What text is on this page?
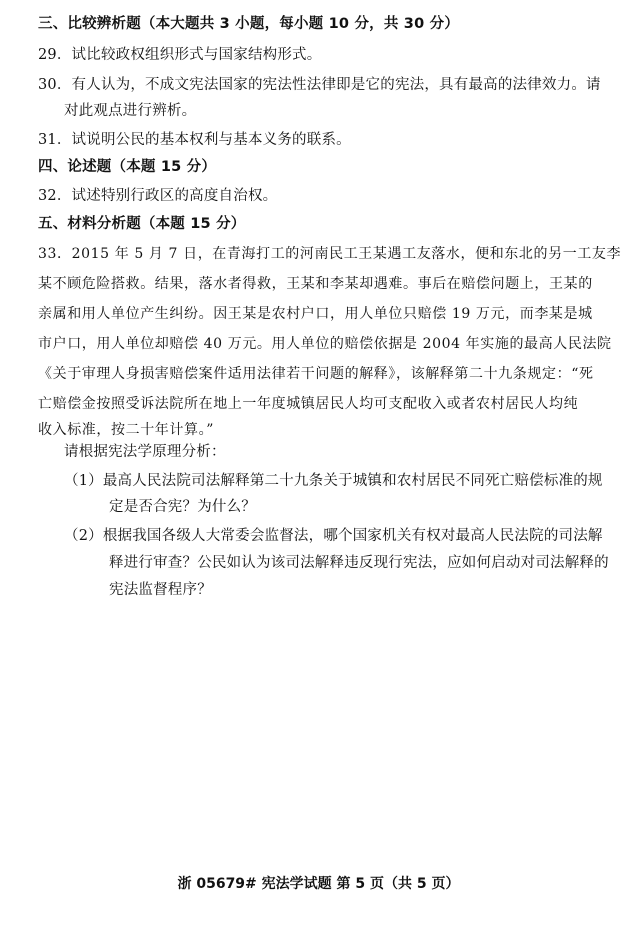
三、比较辨析题（本大题共 3 小题，每小题 10 分，共 30 分）
29．试比较政权组织形式与国家结构形式。
30．有人认为，不成文宪法国家的宪法性法律即是它的宪法，具有最高的法律效力。请
对此观点进行辨析。
31．试说明公民的基本权利与基本义务的联系。
四、论述题（本题 15 分）
32．试述特别行政区的高度自治权。
五、材料分析题（本题 15 分）
33．2015 年 5 月 7 日，在青海打工的河南民工王某遇工友落水，便和东北的另一工友李
某不顾危险搭救。结果，落水者得救，王某和李某却遇难。事后在赔偿问题上，王某的
亲属和用人单位产生纠纷。因王某是农村户口，用人单位只赔偿 19 万元，而李某是城
市户口，用人单位却赔偿 40 万元。用人单位的赔偿依据是 2004 年实施的最高人民法院
《关于审理人身损害赔偿案件适用法律若干问题的解释》，该解释第二十九条规定：“死
亡赔偿金按照受诉法院所在地上一年度城镇居民人均可支配收入或者农村居民人均纯
收入标准，按二十年计算。”
请根据宪法学原理分析：
（1）最高人民法院司法解释第二十九条关于城镇和农村居民不同死亡赔偿标准的规
定是否合宪？为什么？
（2）根据我国各级人大常委会监督法，哪个国家机关有权对最高人民法院的司法解
释进行审查？公民如认为该司法解释违反现行宪法，应如何启动对司法解释的
宪法监督程序？
浙 05679# 宪法学试题 第 5 页（共 5 页）
